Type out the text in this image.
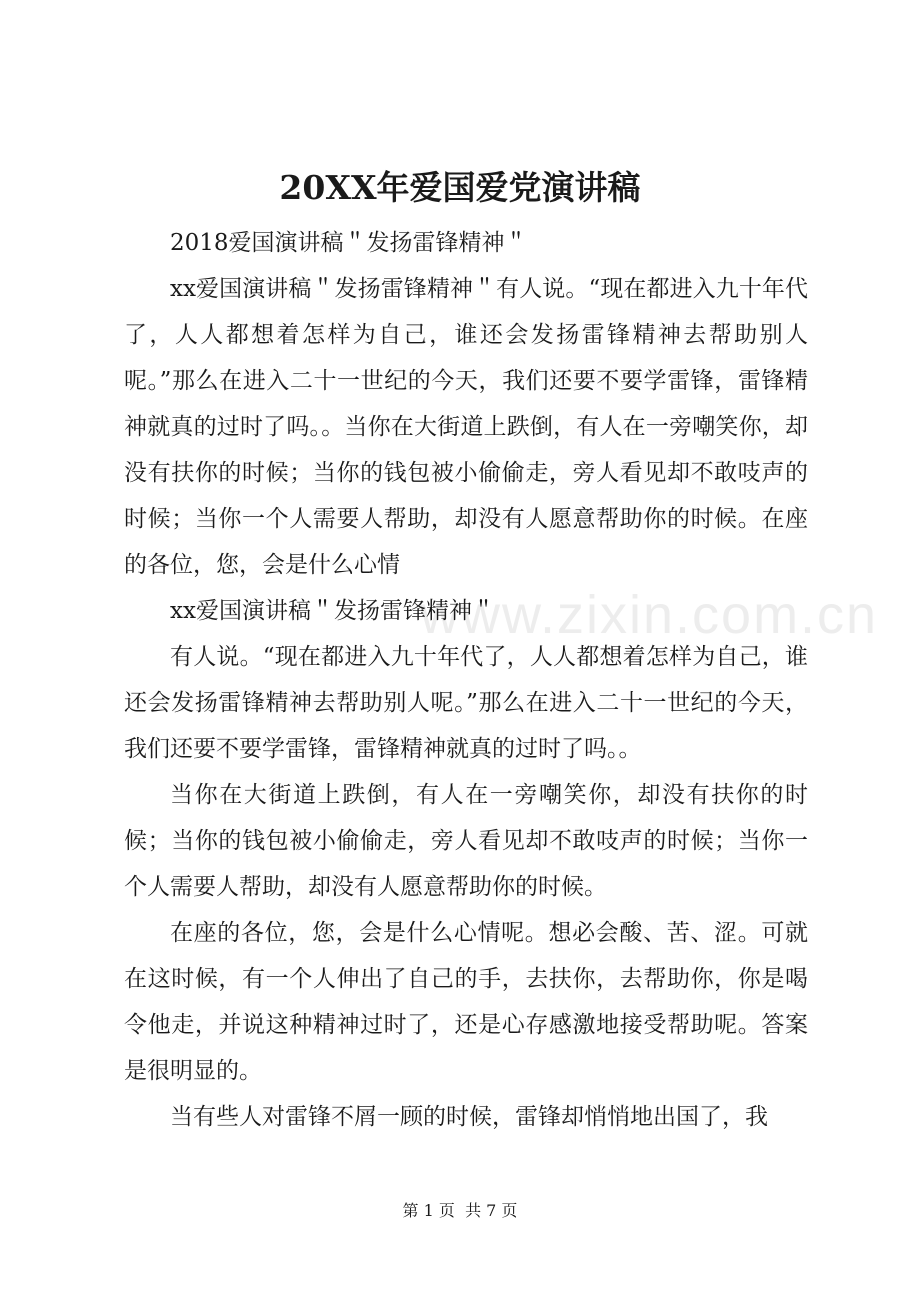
www.zixin.com.cn
20XX年爱国爱党演讲稿

2018爱国演讲稿＂发扬雷锋精神＂

xx爱国演讲稿＂发扬雷锋精神＂有人说。“现在都进入九十年代了，人人都想着怎样为自己，谁还会发扬雷锋精神去帮助别人呢。”那么在进入二十一世纪的今天，我们还要不要学雷锋，雷锋精神就真的过时了吗。。当你在大街道上跌倒，有人在一旁嘲笑你，却没有扶你的时候；当你的钱包被小偷偷走，旁人看见却不敢吱声的时候；当你一个人需要人帮助，却没有人愿意帮助你的时候。在座的各位，您，会是什么心情

xx爱国演讲稿＂发扬雷锋精神＂

有人说。“现在都进入九十年代了，人人都想着怎样为自己，谁还会发扬雷锋精神去帮助别人呢。”那么在进入二十一世纪的今天，我们还要不要学雷锋，雷锋精神就真的过时了吗。。

当你在大街道上跌倒，有人在一旁嘲笑你，却没有扶你的时候；当你的钱包被小偷偷走，旁人看见却不敢吱声的时候；当你一个人需要人帮助，却没有人愿意帮助你的时候。

在座的各位，您，会是什么心情呢。想必会酸、苦、涩。可就在这时候，有一个人伸出了自己的手，去扶你，去帮助你，你是喝令他走，并说这种精神过时了，还是心存感激地接受帮助呢。答案是很明显的。

当有些人对雷锋不屑一顾的时候，雷锋却悄悄地出国了，我

第 1 页  共 7 页
